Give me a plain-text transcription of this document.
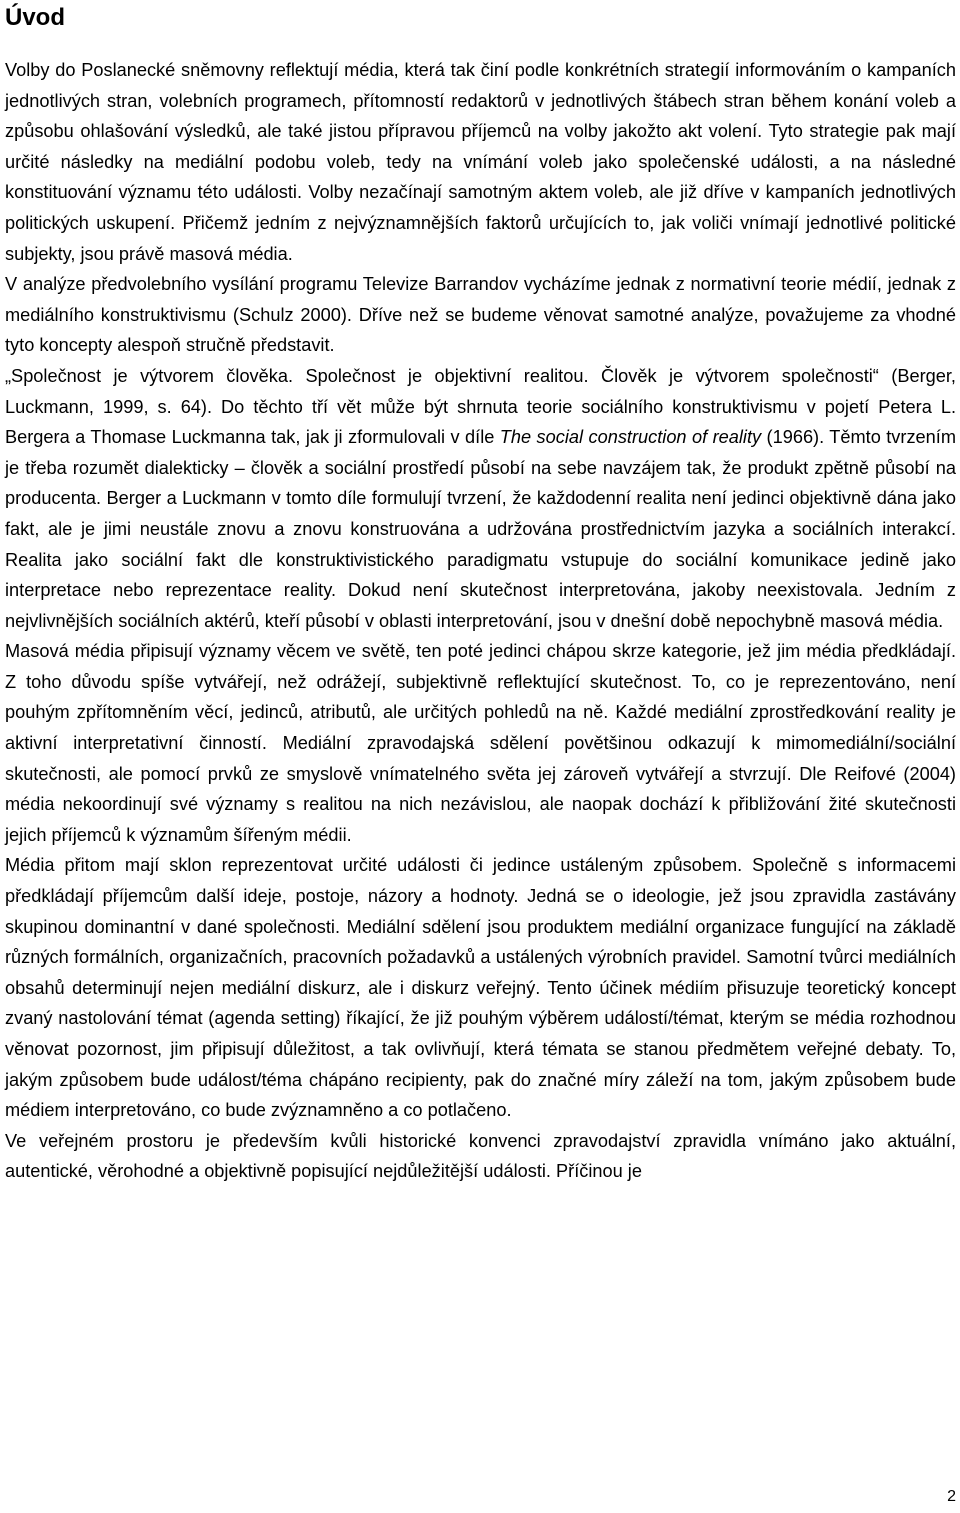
Úvod

Volby do Poslanecké sněmovny reflektují média, která tak činí podle konkrétních strategií informováním o kampaních jednotlivých stran, volebních programech, přítomností redaktorů v jednotlivých štábech stran během konání voleb a způsobu ohlašování výsledků, ale také jistou přípravou příjemců na volby jakožto akt volení. Tyto strategie pak mají určité následky na mediální podobu voleb, tedy na vnímání voleb jako společenské události, a na následné konstituování významu této události. Volby nezačínají samotným aktem voleb, ale již dříve v kampaních jednotlivých politických uskupení. Přičemž jedním z nejvýznamnějších faktorů určujících to, jak voliči vnímají jednotlivé politické subjekty, jsou právě masová média.

V analýze předvolebního vysílání programu Televize Barrandov vycházíme jednak z normativní teorie médií, jednak z mediálního konstruktivismu (Schulz 2000). Dříve než se budeme věnovat samotné analýze, považujeme za vhodné tyto koncepty alespoň stručně představit.

„Společnost je výtvorem člověka. Společnost je objektivní realitou. Člověk je výtvorem společnosti“ (Berger, Luckmann, 1999, s. 64). Do těchto tří vět může být shrnuta teorie sociálního konstruktivismu v pojetí Petera L. Bergera a Thomase Luckmanna tak, jak ji zformulovali v díle The social construction of reality (1966). Těmto tvrzením je třeba rozumět dialekticky – člověk a sociální prostředí působí na sebe navzájem tak, že produkt zpětně působí na producenta. Berger a Luckmann v tomto díle formulují tvrzení, že každodenní realita není jedinci objektivně dána jako fakt, ale je jimi neustále znovu a znovu konstruována a udržována prostřednictvím jazyka a sociálních interakcí. Realita jako sociální fakt dle konstruktivistického paradigmatu vstupuje do sociální komunikace jedině jako interpretace nebo reprezentace reality. Dokud není skutečnost interpretována, jakoby neexistovala. Jedním z nejvlivnějších sociálních aktérů, kteří působí v oblasti interpretování, jsou v dnešní době nepochybně masová média.

Masová média připisují významy věcem ve světě, ten poté jedinci chápou skrze kategorie, jež jim média předkládají. Z toho důvodu spíše vytvářejí, než odrážejí, subjektivně reflektující skutečnost. To, co je reprezentováno, není pouhým zpřítomněním věcí, jedinců, atributů, ale určitých pohledů na ně. Každé mediální zprostředkování reality je aktivní interpretativní činností. Mediální zpravodajská sdělení povětšinou odkazují k mimomediální/sociální skutečnosti, ale pomocí prvků ze smyslově vnímatelného světa jej zároveň vytvářejí a stvrzují. Dle Reifové (2004) média nekoordinují své významy s realitou na nich nezávislou, ale naopak dochází k přibližování žité skutečnosti jejich příjemců k významům šířeným médii.

Média přitom mají sklon reprezentovat určité události či jedince ustáleným způsobem. Společně s informacemi předkládají příjemcům další ideje, postoje, názory a hodnoty. Jedná se o ideologie, jež jsou zpravidla zastávány skupinou dominantní v dané společnosti. Mediální sdělení jsou produktem mediální organizace fungující na základě různých formálních, organizačních, pracovních požadavků a ustálených výrobních pravidel. Samotní tvůrci mediálních obsahů determinují nejen mediální diskurz, ale i diskurz veřejný. Tento účinek médiím přisuzuje teoretický koncept zvaný nastolování témat (agenda setting) říkající, že již pouhým výběrem událostí/témat, kterým se média rozhodnou věnovat pozornost, jim připisují důležitost, a tak ovlivňují, která témata se stanou předmětem veřejné debaty. To, jakým způsobem bude událost/téma chápáno recipienty, pak do značné míry záleží na tom, jakým způsobem bude médiem interpretováno, co bude zvýznamněno a co potlačeno.

Ve veřejném prostoru je především kvůli historické konvenci zpravodajství zpravidla vnímáno jako aktuální, autentické, věrohodné a objektivně popisující nejdůležitější události. Příčinou je

2
